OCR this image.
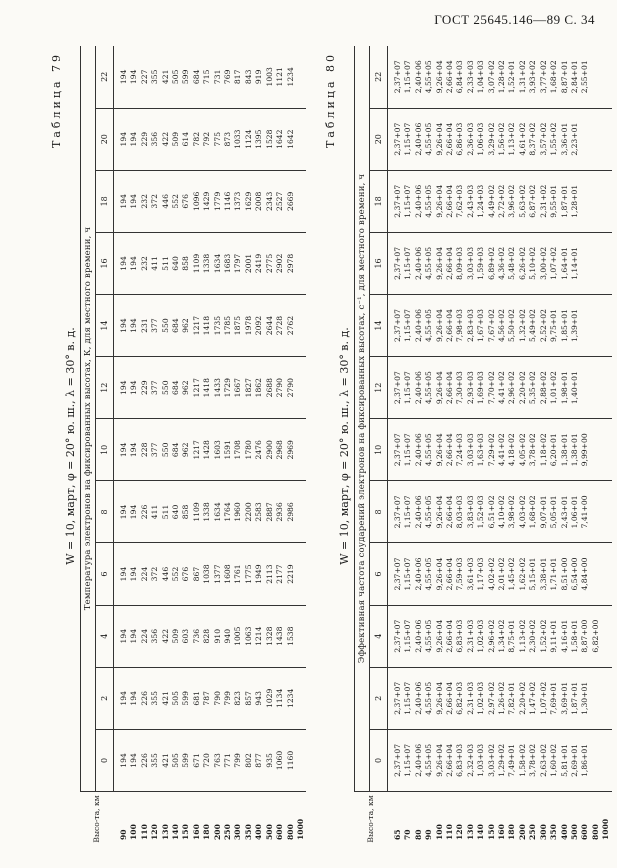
ГОСТ 25645.146—89 С. 34
Таблица 79
W = 10, март, φ = 20° ю. ш., λ = 30° в. д.
Высо-та, км	Температура электронов на фиксированных высотах, К, для местного времени, ч											
	0	2	4	6	8	10	12	14	16	18	20	22
90	194	194	194	194	194	194	194	194	194	194	194	194
100	194	194	194	194	194	194	194	194	194	194	194	194
110	226	226	224	224	226	228	229	231	232	232	229	227
120	355	355	356	372	411	377	377	377	411	372	356	355
130	421	421	422	446	511	550	550	550	511	446	422	421
140	505	505	509	552	640	684	684	684	640	552	509	505
150	599	599	603	676	858	962	962	962	858	676	614	599
160	671	681	736	867	1109	1217	1217	1217	1109	1096	782	684
180	720	787	828	1038	1338	1428	1418	1418	1338	1429	792	715
200	763	790	910	1377	1634	1603	1433	1735	1634	1779	775	731
250	771	799	940	1608	1764	1591	1729	1785	1683	1146	873	769
300	799	823	1005	1761	1960	1708	1667	1875	1797	1373	1033	817
350	802	857	1063	1775	2200	1780	1827	1978	2001	1629	1124	843
400	877	943	1214	1949	2583	2476	1862	2092	2419	2008	1395	919
500	935	1029	1328	2113	2887	2900	2688	2644	2775	2343	1528	1003
600	1060	1134	1438	2177	2936	2968	2790	2728	2902	2527	1642	1121
800	1160	1234	1538	2219	2986	2969	2790	2762	2978	2669	1642	1234
1000												
Таблица 80
W = 10, март, φ = 20° ю. ш., λ = 30° в. д.
Высо-та, км	Эффективная частота соударений электронов на фиксированных высотах, с⁻¹, для местного времени, ч											
	0	2	4	6	8	10	12	14	16	18	20	22
65	2,37+07	2,37+07	2,37+07	2,37+07	2,37+07	2,37+07	2,37+07	2,37+07	2,37+07	2,37+07	2,37+07	2,37+07
70	1,15+07	1,15+07	1,15+07	1,15+07	1,15+07	1,15+07	1,15+07	1,15+07	1,15+07	1,15+07	1,15+07	1,15+07
80	2,40+06	2,40+06	2,40+06	2,40+06	2,40+06	2,40+06	2,40+06	2,40+06	2,40+06	2,40+06	2,40+06	2,40+06
90	4,55+05	4,55+05	4,55+05	4,55+05	4,55+05	4,55+05	4,55+05	4,55+05	4,55+05	4,55+05	4,55+05	4,55+05
100	9,26+04	9,26+04	9,26+04	9,26+04	9,26+04	9,26+04	9,26+04	9,26+04	9,26+04	9,26+04	9,26+04	9,26+04
110	2,66+04	2,66+04	2,66+04	2,66+04	2,66+04	2,66+04	2,66+04	2,66+04	2,66+04	2,66+04	2,66+04	2,66+04
120	6,83+03	6,82+03	6,83+03	7,59+03	8,03+03	7,24+03	7,30+03	7,98+03	8,09+03	7,62+03	6,86+03	6,84+03
130	2,32+03	2,31+03	2,31+03	3,61+03	3,83+03	3,03+03	2,93+03	2,83+03	3,03+03	2,43+03	2,36+03	2,33+03
140	1,03+03	1,02+03	1,02+03	1,17+03	1,52+03	1,63+03	1,69+03	1,67+03	1,59+03	1,24+03	1,06+03	1,04+03
150	3,03+02	2,97+02	2,96+02	4,02+02	6,51+02	7,29+02	7,70+02	7,67+02	6,89+02	4,49+02	3,29+02	3,07+02
160	1,29+02	1,26+02	1,34+02	2,01+02	4,10+02	4,41+02	4,41+02	4,56+02	4,36+02	2,72+02	1,56+02	1,28+02
180	7,49+01	7,82+01	8,75+01	1,45+02	3,98+02	4,18+02	2,96+02	5,50+02	5,48+02	3,96+02	1,13+02	1,52+01
200	1,58+02	2,20+02	1,13+02	1,62+02	4,03+02	4,05+02	2,20+02	1,32+02	6,26+02	5,63+02	4,61+02	1,31+02
250	3,78+02	1,47+02	2,30+02	5,15+01	1,68+02	3,78+02	5,35+02	5,49+02	5,10+02	6,87+02	8,37+02	3,93+02
300	2,63+02	1,07+02	1,52+02	3,38+01	9,07+01	1,18+02	2,88+02	2,52+02	3,00+02	2,31+02	3,57+02	3,77+02
350	1,60+02	7,69+01	9,11+01	1,71+01	5,05+01	6,20+01	1,01+02	9,75+01	1,07+02	9,55+01	1,55+02	1,68+02
400	5,81+01	3,69+01	4,16+01	8,51+00	2,43+01	1,38+01	1,98+01	1,85+01	1,64+01	1,87+01	3,36+01	8,87+01
500	2,69+01	1,87+01	1,58+01	6,54+00	1,06+01	1,38+01	1,40+01	1,39+01	1,14+01	1,28+01	2,23+01	2,84+01
600	1,86+01	1,30+01	8,87+00	4,84+00	7,41+00	9,99+00						2,55+01
800			6,82+00									
1000												
